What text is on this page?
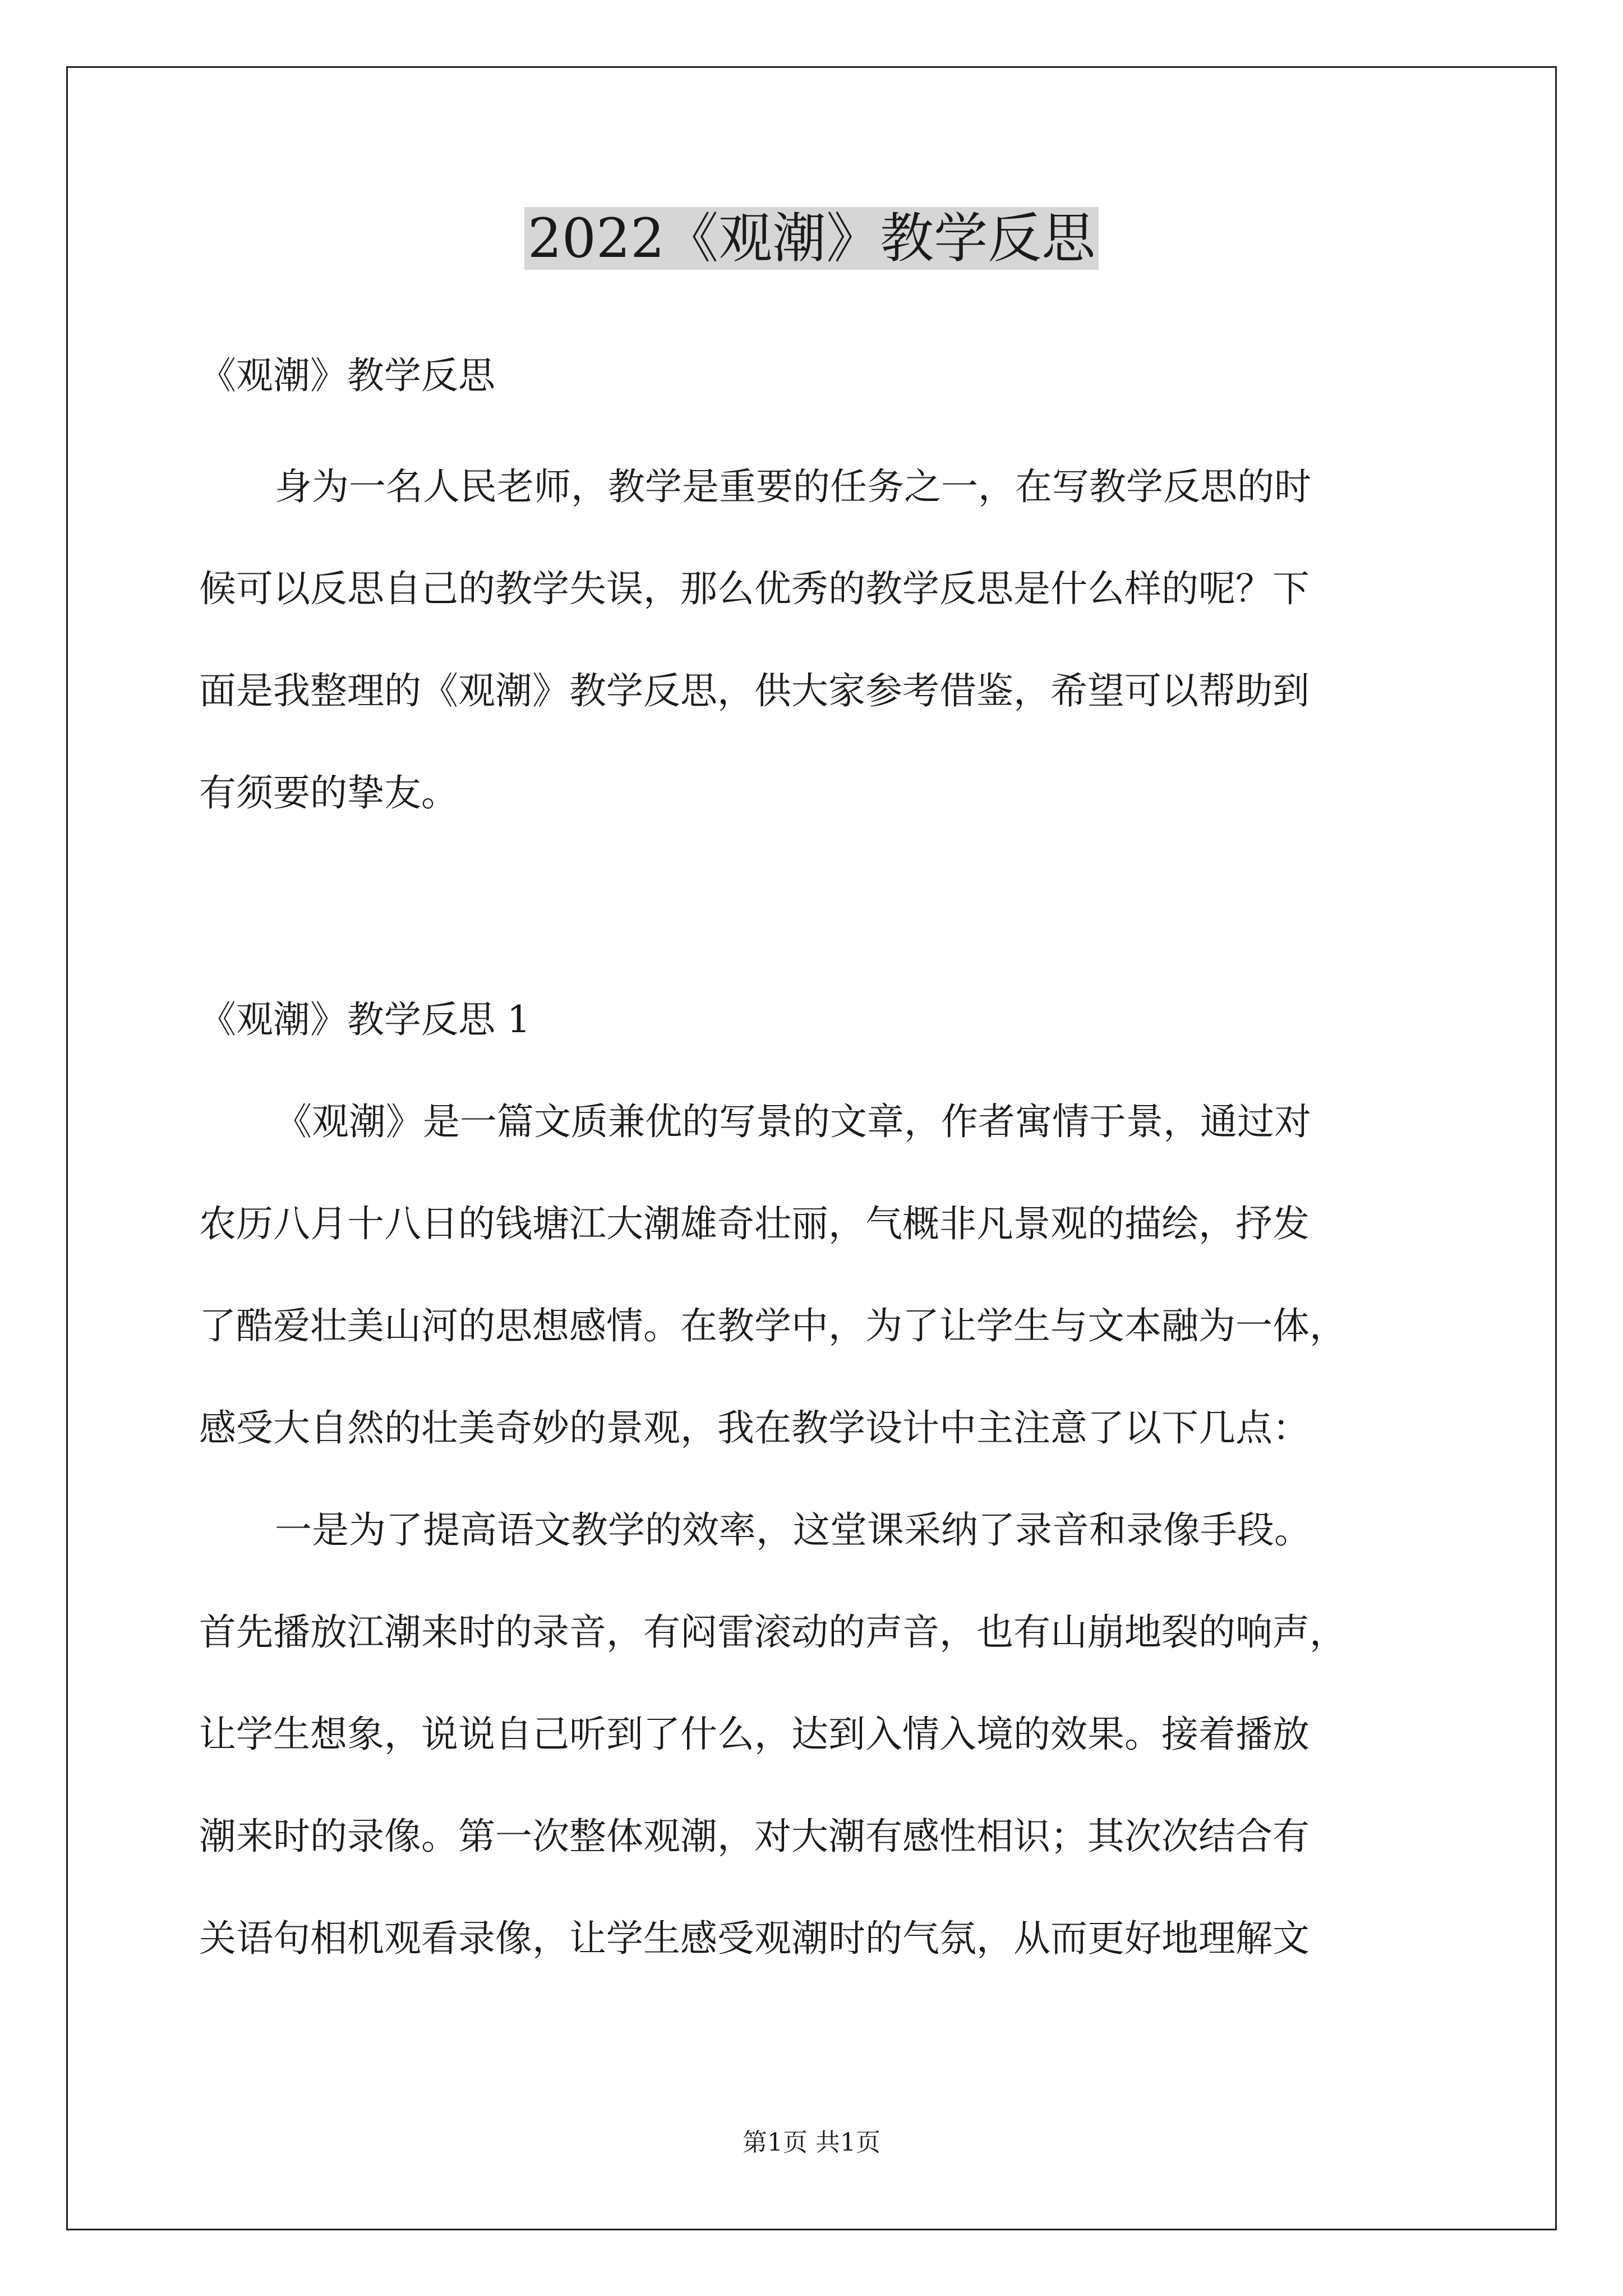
2022《观潮》教学反思
《观潮》教学反思
身为一名人民老师，教学是重要的任务之一，在写教学反思的时
候可以反思自己的教学失误，那么优秀的教学反思是什么样的呢？下
面是我整理的《观潮》教学反思，供大家参考借鉴，希望可以帮助到
有须要的挚友。
《观潮》教学反思 1
《观潮》是一篇文质兼优的写景的文章，作者寓情于景，通过对
农历八月十八日的钱塘江大潮雄奇壮丽，气概非凡景观的描绘，抒发
了酷爱壮美山河的思想感情。在教学中，为了让学生与文本融为一体，
感受大自然的壮美奇妙的景观，我在教学设计中主注意了以下几点：
一是为了提高语文教学的效率，这堂课采纳了录音和录像手段。
首先播放江潮来时的录音，有闷雷滚动的声音，也有山崩地裂的响声，
让学生想象，说说自己听到了什么，达到入情入境的效果。接着播放
潮来时的录像。第一次整体观潮，对大潮有感性相识；其次次结合有
关语句相机观看录像，让学生感受观潮时的气氛，从而更好地理解文
第1页 共1页
